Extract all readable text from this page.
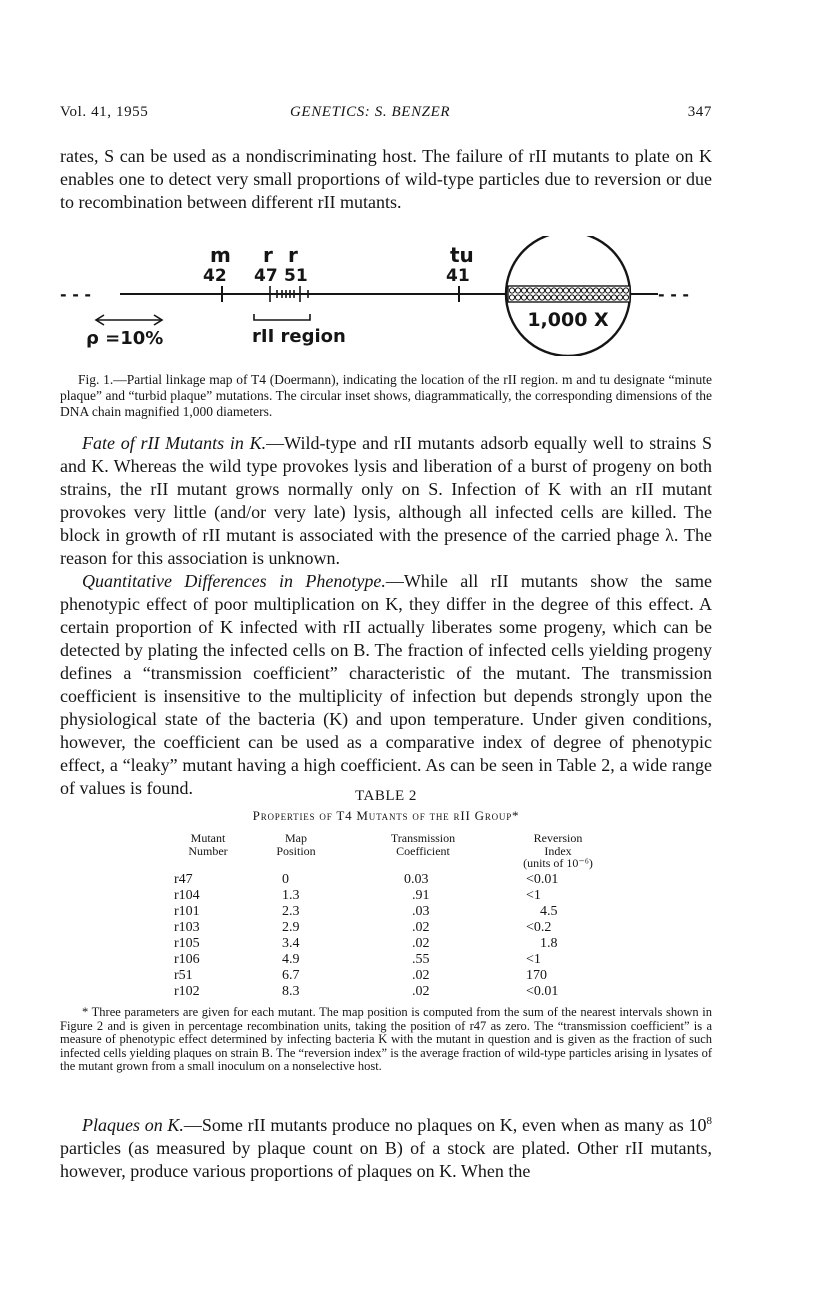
Vol. 41, 1955	GENETICS: S. BENZER	347

rates, S can be used as a nondiscriminating host. The failure of rII mutants to plate on K enables one to detect very small proportions of wild-type particles due to reversion or due to recombination between different rII mutants.

- - -	- - -
m
42
r r
47 51
tu
41
ρ =10%	rII region
1,000 X

Fig. 1.—Partial linkage map of T4 (Doermann), indicating the location of the rII region. m and tu designate “minute plaque” and “turbid plaque” mutations. The circular inset shows, diagrammatically, the corresponding dimensions of the DNA chain magnified 1,000 diameters.

Fate of rII Mutants in K.—Wild-type and rII mutants adsorb equally well to strains S and K. Whereas the wild type provokes lysis and liberation of a burst of progeny on both strains, the rII mutant grows normally only on S. Infection of K with an rII mutant provokes very little (and/or very late) lysis, although all infected cells are killed. The block in growth of rII mutant is associated with the presence of the carried phage λ. The reason for this association is unknown.

Quantitative Differences in Phenotype.—While all rII mutants show the same phenotypic effect of poor multiplication on K, they differ in the degree of this effect. A certain proportion of K infected with rII actually liberates some progeny, which can be detected by plating the infected cells on B. The fraction of infected cells yielding progeny defines a “transmission coefficient” characteristic of the mutant. The transmission coefficient is insensitive to the multiplicity of infection but depends strongly upon the physiological state of the bacteria (K) and upon temperature. Under given conditions, however, the coefficient can be used as a comparative index of degree of phenotypic effect, a “leaky” mutant having a high coefficient. As can be seen in Table 2, a wide range of values is found.	TABLE 2
Properties of T4 Mutants of the rII Group*
Mutant
Number
Map
Position
Transmission
Coefficient
Reversion
Index
(units of 10⁻⁶)
r47	0	0.03	<0.01
r104	1.3	.91	<1
r101	2.3	.03	4.5
r103	2.9	.02	<0.2
r105	3.4	.02	1.8
r106	4.9	.55	<1
r51	6.7	.02	170
r102	8.3	.02	<0.01

* Three parameters are given for each mutant. The map position is computed from the sum of the nearest intervals shown in Figure 2 and is given in percentage recombination units, taking the position of r47 as zero. The “transmission coefficient” is a measure of phenotypic effect determined by infecting bacteria K with the mutant in question and is given as the fraction of such infected cells yielding plaques on strain B. The “reversion index” is the average fraction of wild-type particles arising in lysates of the mutant grown from a small inoculum on a nonselective host.

Plaques on K.—Some rII mutants produce no plaques on K, even when as many as $10^8$ particles (as measured by plaque count on B) of a stock are plated. Other rII mutants, however, produce various proportions of plaques on K. When the
